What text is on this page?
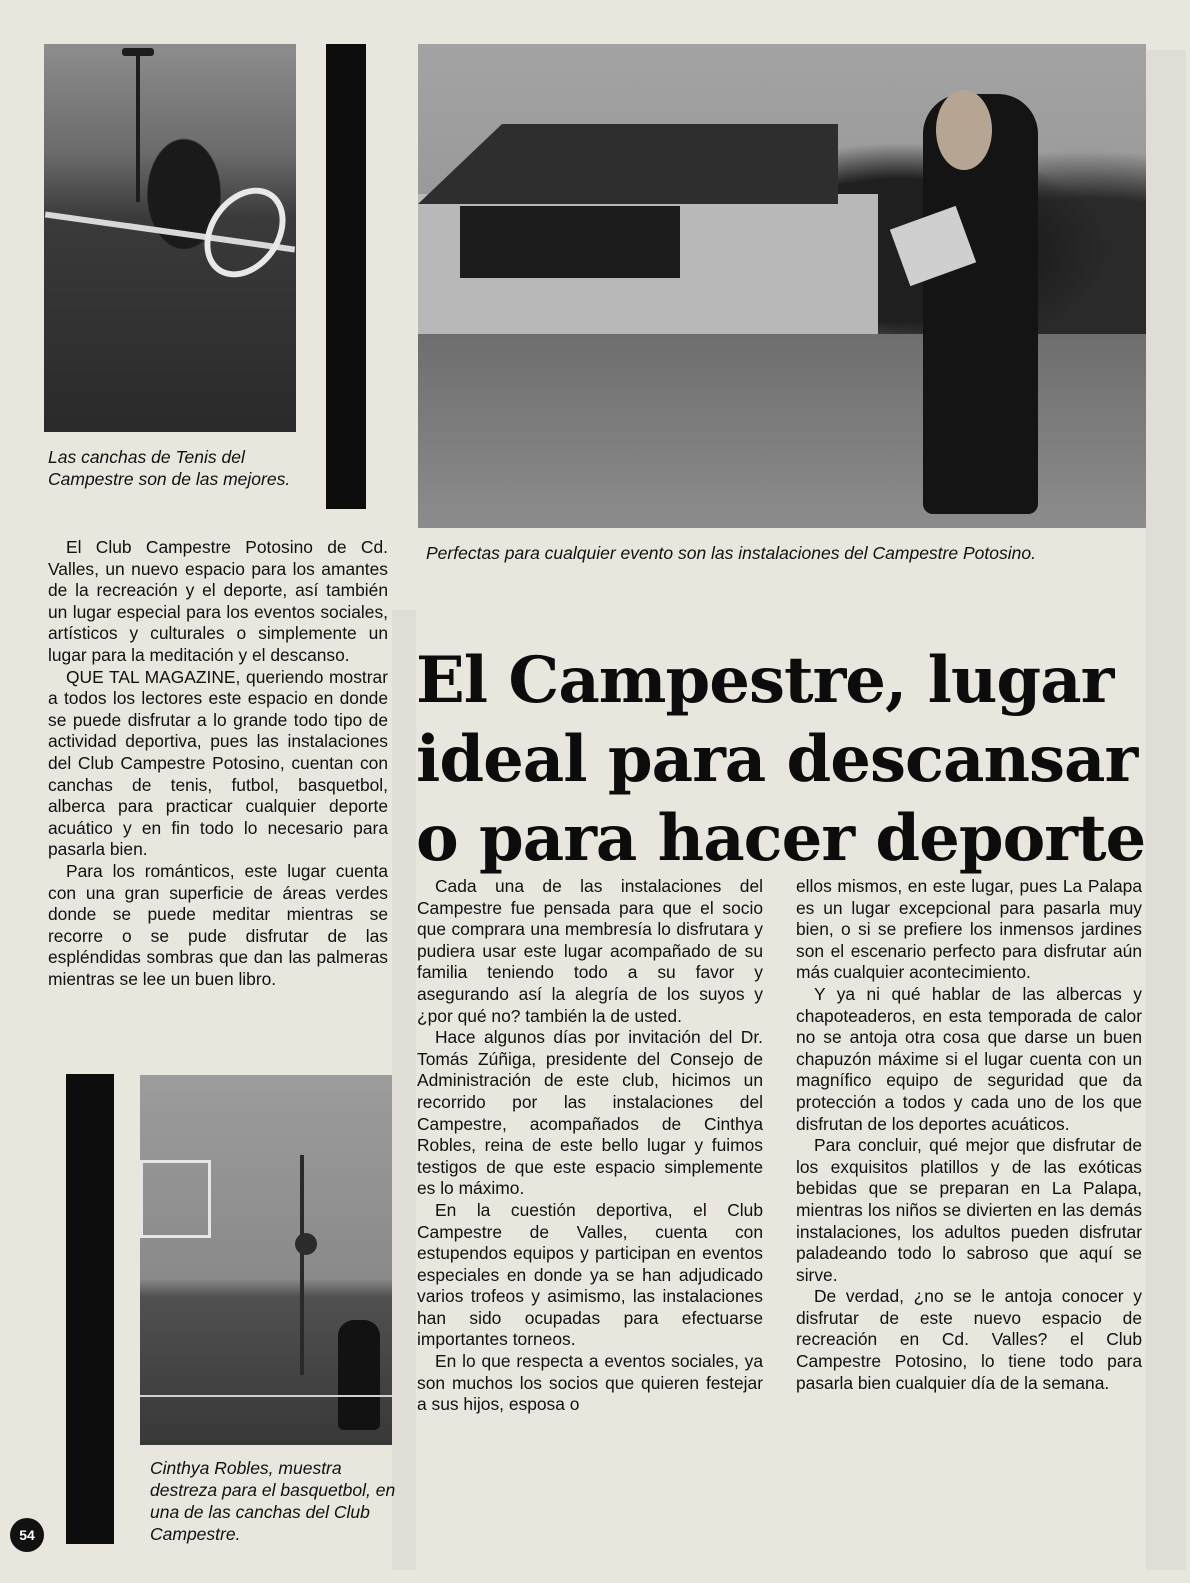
Las canchas de Tenis del Campestre son de las mejores.
Perfectas para cualquier evento son las instalaciones del Campestre Potosino.
El Campestre, lugar
ideal para descansar
o para hacer deporte

El Club Campestre Potosino de Cd. Valles, un nuevo espacio para los amantes de la recreación y el deporte, así también un lugar especial para los eventos sociales, artísticos y culturales o simplemente un lugar para la meditación y el descanso.

QUE TAL MAGAZINE, queriendo mostrar a todos los lectores este espacio en donde se puede disfrutar a lo grande todo tipo de actividad deportiva, pues las instalaciones del Club Campestre Potosino, cuentan con canchas de tenis, futbol, basquetbol, alberca para practicar cualquier deporte acuático y en fin todo lo necesario para pasarla bien.

Para los románticos, este lugar cuenta con una gran superficie de áreas verdes donde se puede meditar mientras se recorre o se pude disfrutar de las espléndidas sombras que dan las palmeras mientras se lee un buen libro.

Cinthya Robles, muestra destreza para el basquetbol, en una de las canchas del Club Campestre.

Cada una de las instalaciones del Campestre fue pensada para que el socio que comprara una membresía lo disfrutara y pudiera usar este lugar acompañado de su familia teniendo todo a su favor y asegurando así la alegría de los suyos y ¿por qué no? también la de usted.

Hace algunos días por invitación del Dr. Tomás Zúñiga, presidente del Consejo de Administración de este club, hicimos un recorrido por las instalaciones del Campestre, acompañados de Cinthya Robles, reina de este bello lugar y fuimos testigos de que este espacio simplemente es lo máximo.

En la cuestión deportiva, el Club Campestre de Valles, cuenta con estupendos equipos y participan en eventos especiales en donde ya se han adjudicado varios trofeos y asimismo, las instalaciones han sido ocupadas para efectuarse importantes torneos.

En lo que respecta a eventos sociales, ya son muchos los socios que quieren festejar a sus hijos, esposa o

ellos mismos, en este lugar, pues La Palapa es un lugar excepcional para pasarla muy bien, o si se prefiere los inmensos jardines son el escenario perfecto para disfrutar aún más cualquier acontecimiento.

Y ya ni qué hablar de las albercas y chapoteaderos, en esta temporada de calor no se antoja otra cosa que darse un buen chapuzón máxime si el lugar cuenta con un magnífico equipo de seguridad que da protección a todos y cada uno de los que disfrutan de los deportes acuáticos.

Para concluir, qué mejor que disfrutar de los exquisitos platillos y de las exóticas bebidas que se preparan en La Palapa, mientras los niños se divierten en las demás instalaciones, los adultos pueden disfrutar paladeando todo lo sabroso que aquí se sirve.

De verdad, ¿no se le antoja conocer y disfrutar de este nuevo espacio de recreación en Cd. Valles? el Club Campestre Potosino, lo tiene todo para pasarla bien cualquier día de la semana.

54
